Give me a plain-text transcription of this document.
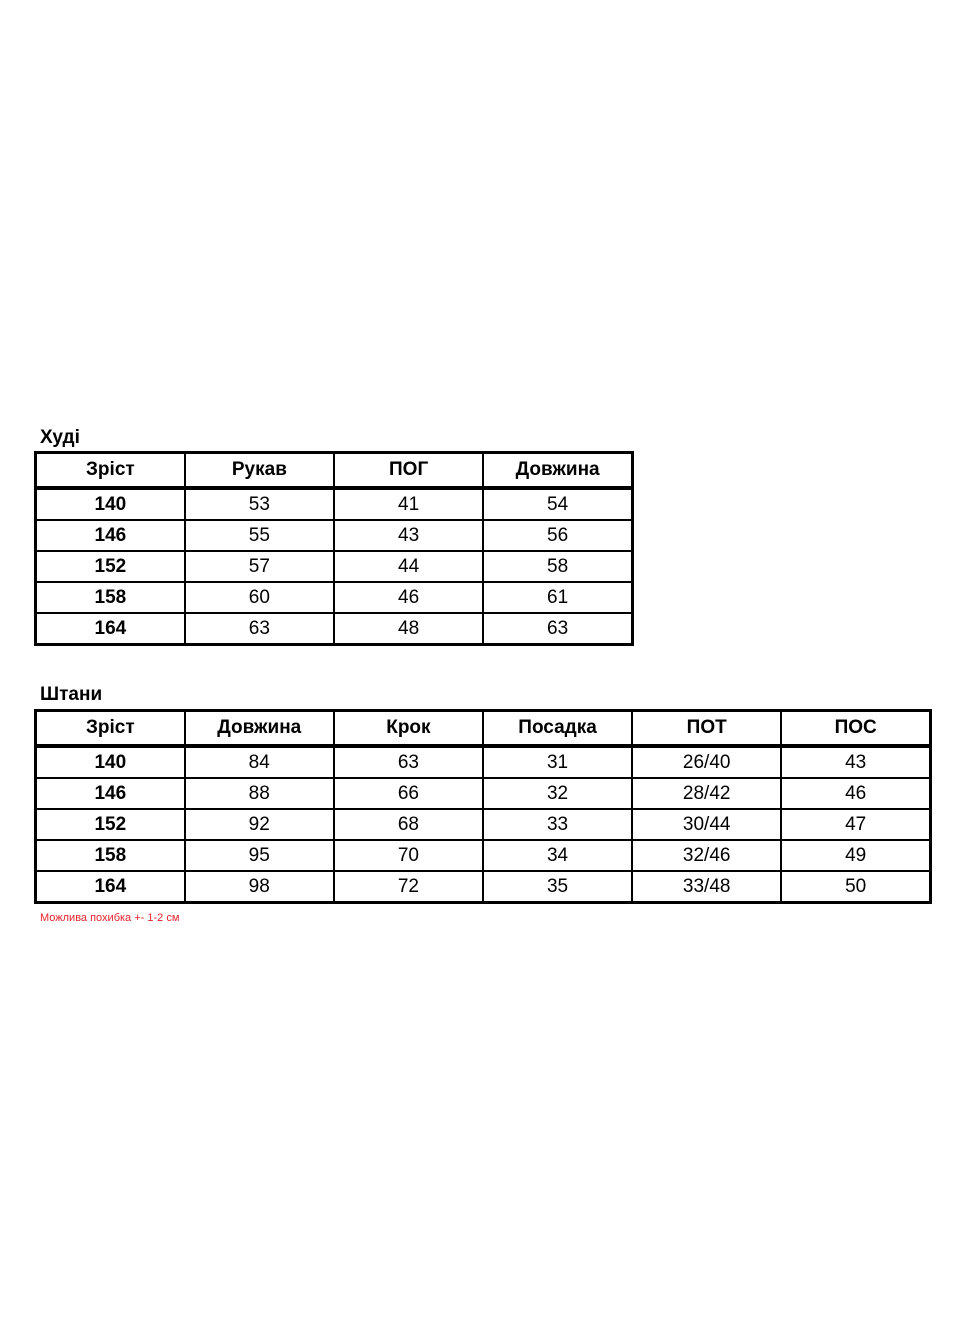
Худі
Зріст	Рукав	ПОГ	Довжина
140	53	41	54
146	55	43	56
152	57	44	58
158	60	46	61
164	63	48	63
Штани
Зріст	Довжина	Крок	Посадка	ПОТ	ПОС
140	84	63	31	26/40	43
146	88	66	32	28/42	46
152	92	68	33	30/44	47
158	95	70	34	32/46	49
164	98	72	35	33/48	50
Можлива похибка +- 1-2 см
